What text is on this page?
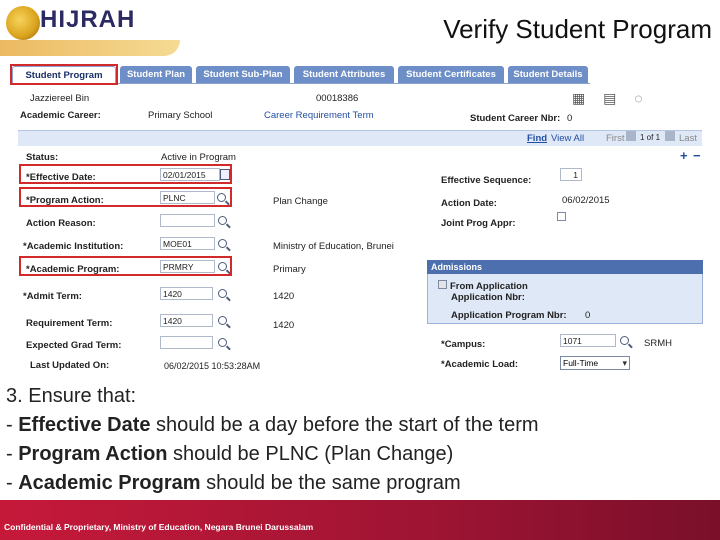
HIJRAH	Verify Student Program
Student Program	Student Plan	Student Sub-Plan	Student Attributes	Student Certificates	Student Details
Jazziereel Bin	00018386	▦ ▤ ◌
Academic Career:	Primary School	Career Requirement Term	Student Career Nbr: 0
Find View All First 1 of 1 Last
+ −
Status:	Active in Program
*Effective Date:	02/01/2015
*Program Action:	PLNC	Plan Change
Action Reason:
*Academic Institution:	MOE01	Ministry of Education, Brunei
*Academic Program:	PRMRY	Primary
*Admit Term:	1420	1420
Requirement Term:	1420	1420
Expected Grad Term:
Last Updated On:	06/02/2015 10:53:28AM
Effective Sequence:	1
Action Date:	06/02/2015
Joint Prog Appr:
Admissions
From Application
Application Nbr:
Application Program Nbr: 0
*Campus:	1071	SRMH
*Academic Load:	Full-Time ▾
3. Ensure that:
- Effective Date should be a day before the start of the term
- Program Action should be PLNC (Plan Change)
- Academic Program should be the same program
Confidential & Proprietary, Ministry of Education, Negara Brunei Darussalam
